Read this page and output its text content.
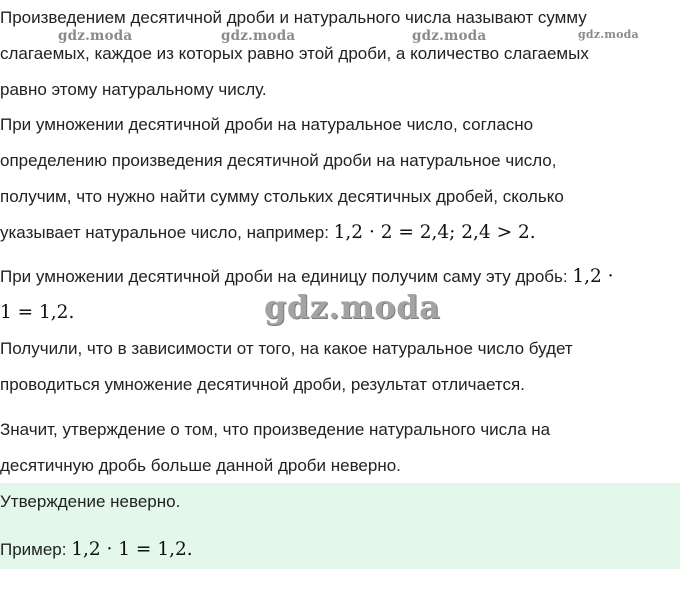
gdz.moda	gdz.moda	gdz.moda	gdz.moda

Произведением десятичной дроби и натурального числа называют сумму

слагаемых, каждое из которых равно этой дроби, а количество слагаемых

равно этому натуральному числу.

При умножении десятичной дроби на натуральное число, согласно

определению произведения десятичной дроби на натуральное число,

получим, что нужно найти сумму стольких десятичных дробей, сколько

указывает натуральное число, например: 1,2 · 2 = 2,4; 2,4 > 2.

При умножении десятичной дроби на единицу получим саму эту дробь: 1,2 ·

1 = 1,2.	gdz.moda

Получили, что в зависимости от того, на какое натуральное число будет

проводиться умножение десятичной дроби, результат отличается.

Значит, утверждение о том, что произведение натурального числа на

десятичную дробь больше данной дроби неверно.

Утверждение неверно.

Пример: 1,2 · 1 = 1,2.
